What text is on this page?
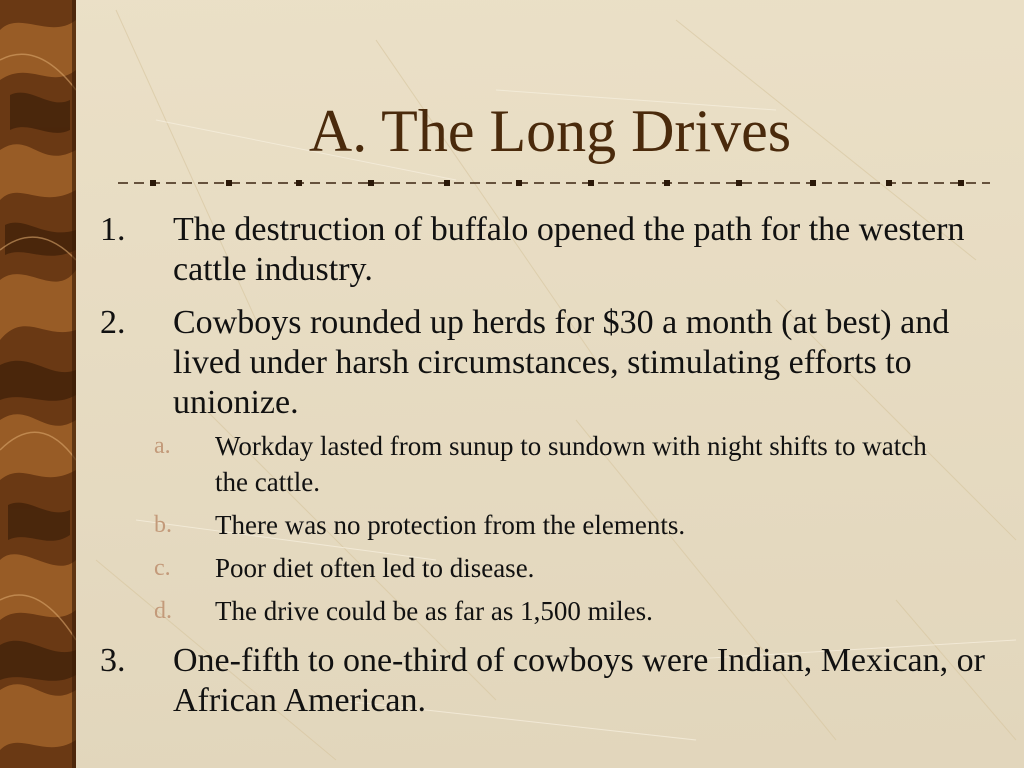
A. The Long Drives
1. The destruction of buffalo opened the path for the western cattle industry.
2. Cowboys rounded up herds for $30 a month (at best) and lived under harsh circumstances, stimulating efforts to unionize.
a. Workday lasted from sunup to sundown with night shifts to watch the cattle.
b. There was no protection from the elements.
c. Poor diet often led to disease.
d. The drive could be as far as 1,500 miles.
3. One-fifth to one-third of cowboys were Indian, Mexican, or African American.
